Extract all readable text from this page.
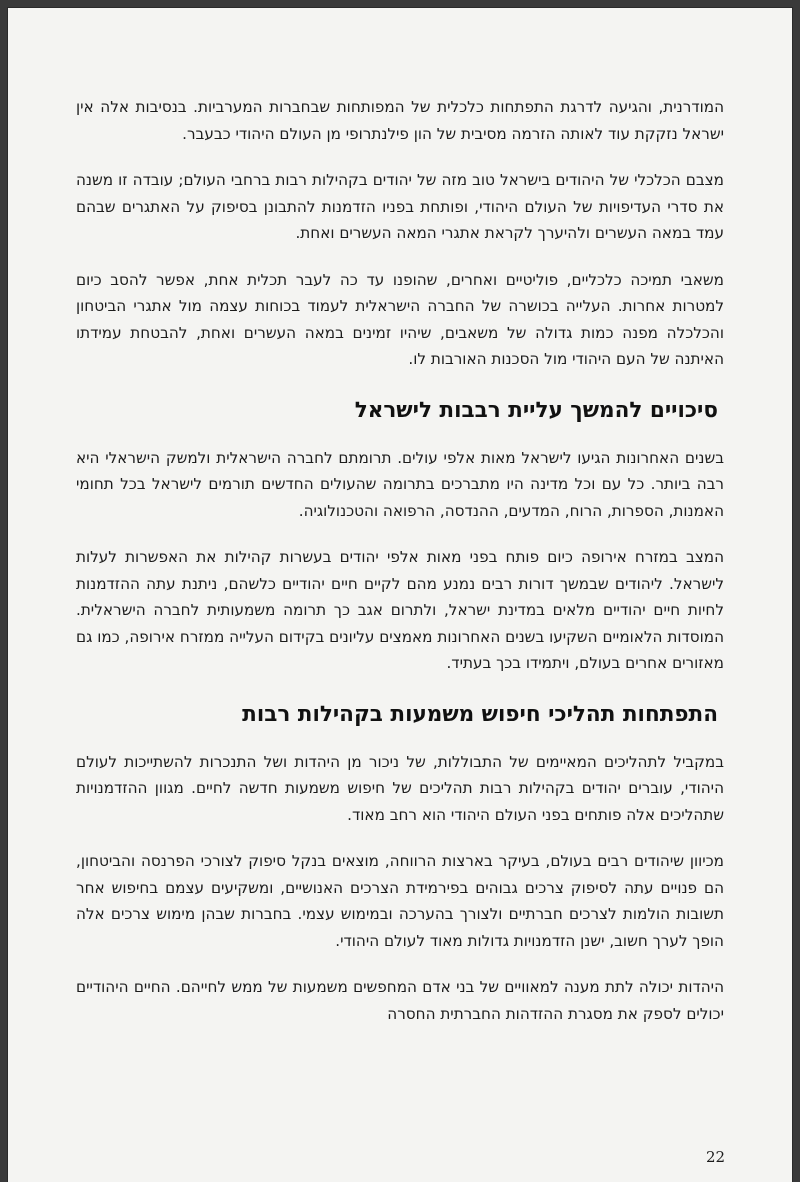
המודרנית, והגיעה לדרגת התפתחות כלכלית של המפותחות שבחברות המערביות. בנסיבות אלה אין ישראל נזקקת עוד לאותה הזרמה מסיבית של הון פילנתרופי מן העולם היהודי כבעבר.

מצבם הכלכלי של היהודים בישראל טוב מזה של יהודים בקהילות רבות ברחבי העולם; עובדה זו משנה את סדרי העדיפויות של העולם היהודי, ופותחת בפניו הזדמנות להתבונן בסיפוק על האתגרים שבהם עמד במאה העשרים ולהיערך לקראת אתגרי המאה העשרים ואחת.

משאבי תמיכה כלכליים, פוליטיים ואחרים, שהופנו עד כה לעבר תכלית אחת, אפשר להסב כיום למטרות אחרות. העלייה בכושרה של החברה הישראלית לעמוד בכוחות עצמה מול אתגרי הביטחון והכלכלה מפנה כמות גדולה של משאבים, שיהיו זמינים במאה העשרים ואחת, להבטחת עמידתו האיתנה של העם היהודי מול הסכנות האורבות לו.

סיכויים להמשך עליית רבבות לישראל

בשנים האחרונות הגיעו לישראל מאות אלפי עולים. תרומתם לחברה הישראלית ולמשק הישראלי היא רבה ביותר. כל עם וכל מדינה היו מתברכים בתרומה שהעולים החדשים תורמים לישראל בכל תחומי האמנות, הספרות, הרוח, המדעים, ההנדסה, הרפואה והטכנולוגיה.

המצב במזרח אירופה כיום פותח בפני מאות אלפי יהודים בעשרות קהילות את האפשרות לעלות לישראל. ליהודים שבמשך דורות רבים נמנע מהם לקיים חיים יהודיים כלשהם, ניתנת עתה ההזדמנות לחיות חיים יהודיים מלאים במדינת ישראל, ולתרום אגב כך תרומה משמעותית לחברה הישראלית. המוסדות הלאומיים השקיעו בשנים האחרונות מאמצים עליונים בקידום העלייה ממזרח אירופה, כמו גם מאזורים אחרים בעולם, ויתמידו בכך בעתיד.

התפתחות תהליכי חיפוש משמעות בקהילות רבות

במקביל לתהליכים המאיימים של התבוללות, של ניכור מן היהדות ושל התנכרות להשתייכות לעולם היהודי, עוברים יהודים בקהילות רבות תהליכים של חיפוש משמעות חדשה לחיים. מגוון ההזדמנויות שתהליכים אלה פותחים בפני העולם היהודי הוא רחב מאוד.

מכיוון שיהודים רבים בעולם, בעיקר בארצות הרווחה, מוצאים בנקל סיפוק לצורכי הפרנסה והביטחון, הם פנויים עתה לסיפוק צרכים גבוהים בפירמידת הצרכים האנושיים, ומשקיעים עצמם בחיפוש אחר תשובות הולמות לצרכים חברתיים ולצורך בהערכה ובמימוש עצמי. בחברות שבהן מימוש צרכים אלה הופך לערך חשוב, ישנן הזדמנויות גדולות מאוד לעולם היהודי.

היהדות יכולה לתת מענה למאוויים של בני אדם המחפשים משמעות של ממש לחייהם. החיים היהודיים יכולים לספק את מסגרת ההזדהות החברתית החסרה

22
